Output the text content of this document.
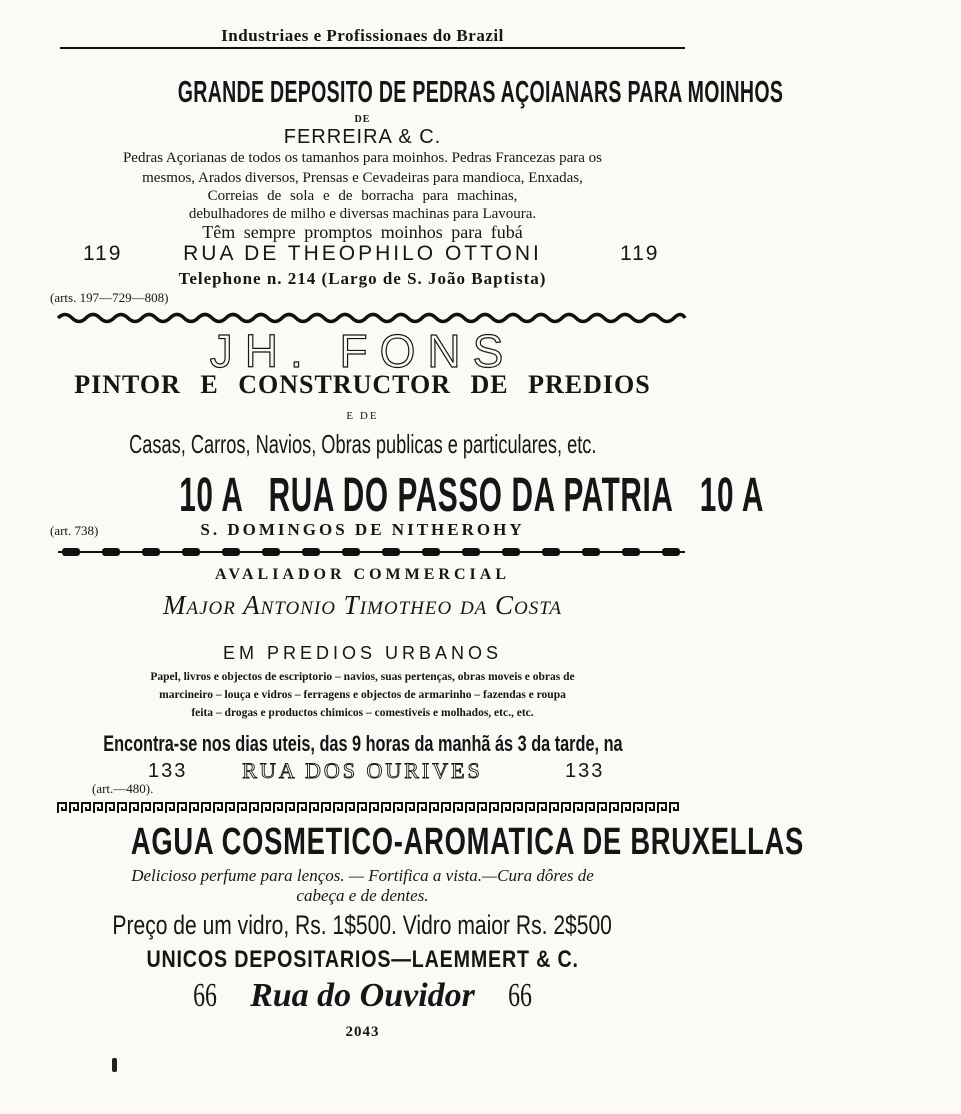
Industriaes e Profissionaes do Brazil
GRANDE DEPOSITO DE PEDRAS AÇOIANARS PARA MOINHOS
DE
FERREIRA & C.
Pedras Açorianas de todos os tamanhos para moinhos. Pedras Francezas para os
mesmos, Arados diversos, Prensas e Cevadeiras para mandioca, Enxadas,
Correias de sola e de borracha para machinas,
debulhadores de milho e diversas machinas para Lavoura.
Têm sempre promptos moinhos para fubá
119	RUA DE THEOPHILO OTTONI	119
Telephone n. 214 (Largo de S. João Baptista)
(arts. 197—729—808)
JH. FONS
PINTOR E CONSTRUCTOR DE PREDIOS
E DE
Casas, Carros, Navios, Obras publicas e particulares, etc.
10 A RUA DO PASSO DA PATRIA 10 A
(art. 738)	S. DOMINGOS DE NITHEROHY
AVALIADOR COMMERCIAL
Major Antonio Timotheo da Costa
EM PREDIOS URBANOS
Papel, livros e objectos de escriptorio – navios, suas pertenças, obras moveis e obras de
marcineiro – louça e vidros – ferragens e objectos de armarinho – fazendas e roupa
feita – drogas e productos chimicos – comestiveis e molhados, etc., etc.
Encontra-se nos dias uteis, das 9 horas da manhã ás 3 da tarde, na
133	RUA DOS OURIVES	133
(art.—480).
AGUA COSMETICO-AROMATICA DE BRUXELLAS
Delicioso perfume para lenços. — Fortifica a vista.—Cura dôres de
cabeça e de dentes.
Preço de um vidro, Rs. 1$500. Vidro maior Rs. 2$500
UNICOS DEPOSITARIOS—LAEMMERT & C.
66 Rua do Ouvidor 66
2043
